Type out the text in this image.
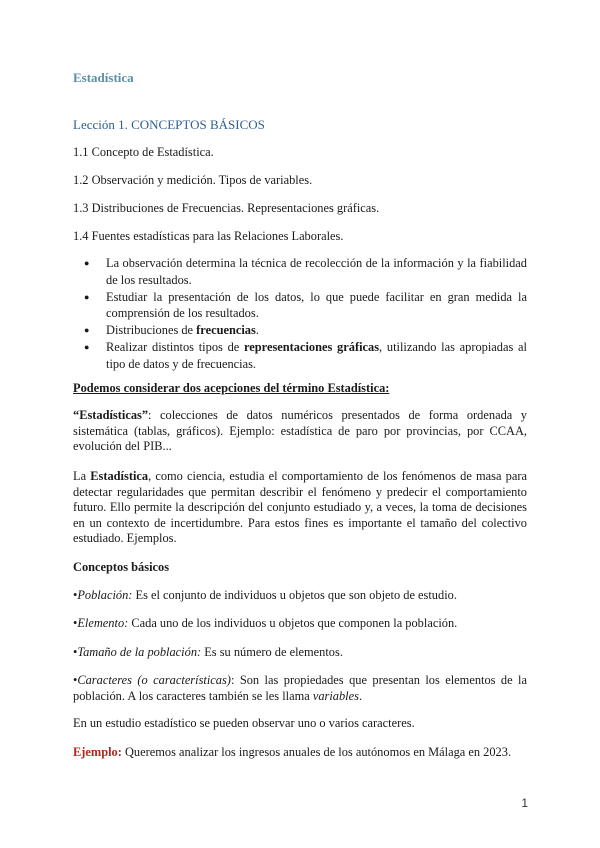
Estadística

Lección 1. CONCEPTOS BÁSICOS

1.1 Concepto de Estadística.

1.2 Observación y medición. Tipos de variables.

1.3 Distribuciones de Frecuencias. Representaciones gráficas.

1.4 Fuentes estadísticas para las Relaciones Laborales.

● La observación determina la técnica de recolección de la información y la fiabilidad de los resultados.
● Estudiar la presentación de los datos, lo que puede facilitar en gran medida la comprensión de los resultados.
● Distribuciones de frecuencias.
● Realizar distintos tipos de representaciones gráficas, utilizando las apropiadas al tipo de datos y de frecuencias.

Podemos considerar dos acepciones del término Estadística:

“Estadísticas”: colecciones de datos numéricos presentados de forma ordenada y sistemática (tablas, gráficos). Ejemplo: estadística de paro por provincias, por CCAA, evolución del PIB...

La Estadística, como ciencia, estudia el comportamiento de los fenómenos de masa para detectar regularidades que permitan describir el fenómeno y predecir el comportamiento futuro. Ello permite la descripción del conjunto estudiado y, a veces, la toma de decisiones en un contexto de incertidumbre. Para estos fines es importante el tamaño del colectivo estudiado. Ejemplos.

Conceptos básicos

•Población: Es el conjunto de individuos u objetos que son objeto de estudio.

•Elemento: Cada uno de los individuos u objetos que componen la población.

•Tamaño de la población: Es su número de elementos.

•Caracteres (o características): Son las propiedades que presentan los elementos de la población. A los caracteres también se les llama variables.

En un estudio estadístico se pueden observar uno o varios caracteres.

Ejemplo: Queremos analizar los ingresos anuales de los autónomos en Málaga en 2023.

1
